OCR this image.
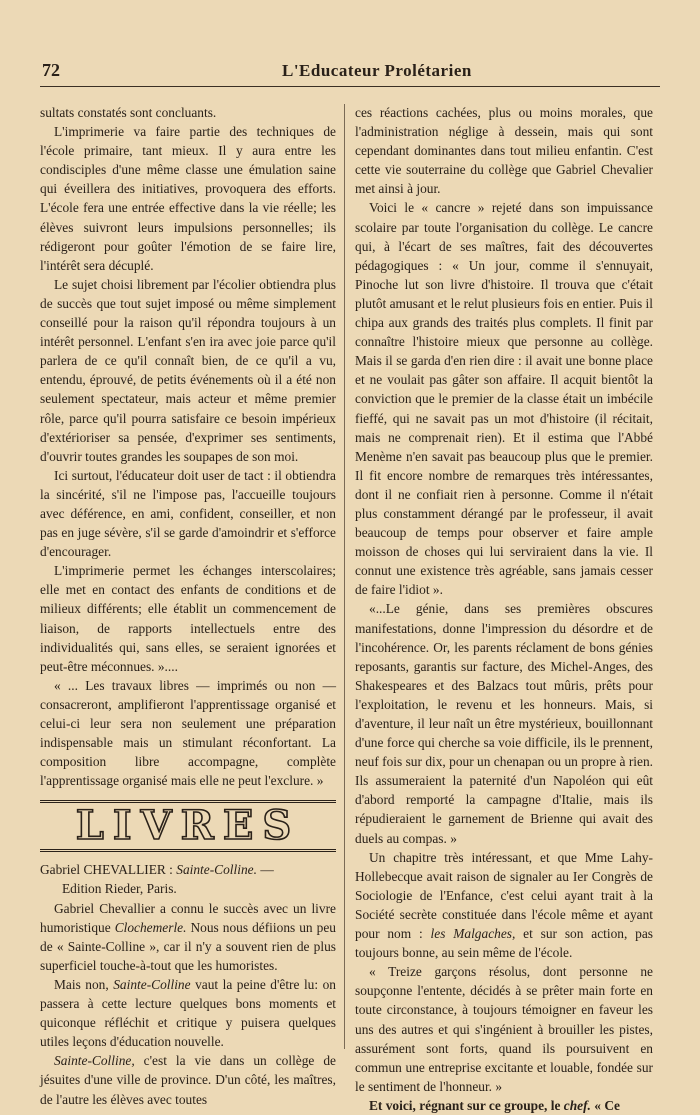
72	L'Educateur Prolétarien

sultats constatés sont concluants.

L'imprimerie va faire partie des techniques de l'école primaire, tant mieux. Il y aura entre les condisciples d'une même classe une émulation saine qui éveillera des initiatives, provoquera des efforts. L'école fera une entrée effective dans la vie réelle; les élèves suivront leurs impulsions personnelles; ils rédigeront pour goûter l'émotion de se faire lire, l'intérêt sera décuplé.

Le sujet choisi librement par l'écolier obtiendra plus de succès que tout sujet imposé ou même simplement conseillé pour la raison qu'il répondra toujours à un intérêt personnel. L'enfant s'en ira avec joie parce qu'il parlera de ce qu'il connaît bien, de ce qu'il a vu, entendu, éprouvé, de petits événements où il a été non seulement spectateur, mais acteur et même premier rôle, parce qu'il pourra satisfaire ce besoin impérieux d'extérioriser sa pensée, d'exprimer ses sentiments, d'ouvrir toutes grandes les soupapes de son moi.

Ici surtout, l'éducateur doit user de tact : il obtiendra la sincérité, s'il ne l'impose pas, l'accueille toujours avec déférence, en ami, confident, conseiller, et non pas en juge sévère, s'il se garde d'amoindrir et s'efforce d'encourager.

L'imprimerie permet les échanges interscolaires; elle met en contact des enfants de conditions et de milieux différents; elle établit un commencement de liaison, de rapports intellectuels entre des individualités qui, sans elles, se seraient ignorées et peut-être méconnues. »....

« ... Les travaux libres — imprimés ou non — consacreront, amplifieront l'apprentissage organisé et celui-ci leur sera non seulement une préparation indispensable mais un stimulant réconfortant. La composition libre accompagne, complète l'apprentissage organisé mais elle ne peut l'exclure. »

LIVRES

Gabriel CHEVALLIER : Sainte-Colline. —

Edition Rieder, Paris.

Gabriel Chevallier a connu le succès avec un livre humoristique Clochemerle. Nous nous défiions un peu de « Sainte-Colline », car il n'y a souvent rien de plus superficiel touche-à-tout que les humoristes.

Mais non, Sainte-Colline vaut la peine d'être lu: on passera à cette lecture quelques bons moments et quiconque réfléchit et critique y puisera quelques utiles leçons d'éducation nouvelle.

Sainte-Colline, c'est la vie dans un collège de jésuites d'une ville de province. D'un côté, les maîtres, de l'autre les élèves avec toutes

ces réactions cachées, plus ou moins morales, que l'administration néglige à dessein, mais qui sont cependant dominantes dans tout milieu enfantin. C'est cette vie souterraine du collège que Gabriel Chevalier met ainsi à jour.

Voici le « cancre » rejeté dans son impuissance scolaire par toute l'organisation du collège. Le cancre qui, à l'écart de ses maîtres, fait des découvertes pédagogiques : « Un jour, comme il s'ennuyait, Pinoche lut son livre d'histoire. Il trouva que c'était plutôt amusant et le relut plusieurs fois en entier. Puis il chipa aux grands des traités plus complets. Il finit par connaître l'histoire mieux que personne au collège. Mais il se garda d'en rien dire : il avait une bonne place et ne voulait pas gâter son affaire. Il acquit bientôt la conviction que le premier de la classe était un imbécile fieffé, qui ne savait pas un mot d'histoire (il récitait, mais ne comprenait rien). Et il estima que l'Abbé Menème n'en savait pas beaucoup plus que le premier. Il fit encore nombre de remarques très intéressantes, dont il ne confiait rien à personne. Comme il n'était plus constamment dérangé par le professeur, il avait beaucoup de temps pour observer et faire ample moisson de choses qui lui serviraient dans la vie. Il connut une existence très agréable, sans jamais cesser de faire l'idiot ».

«...Le génie, dans ses premières obscures manifestations, donne l'impression du désordre et de l'incohérence. Or, les parents réclament de bons génies reposants, garantis sur facture, des Michel-Anges, des Shakespeares et des Balzacs tout mûris, prêts pour l'exploitation, le revenu et les honneurs. Mais, si d'aventure, il leur naît un être mystérieux, bouillonnant d'une force qui cherche sa voie difficile, ils le prennent, neuf fois sur dix, pour un chenapan ou un propre à rien. Ils assumeraient la paternité d'un Napoléon qui eût d'abord remporté la campagne d'Italie, mais ils répudieraient le garnement de Brienne qui avait des duels au compas. »

Un chapitre très intéressant, et que Mme Lahy-Hollebecque avait raison de signaler au Ier Congrès de Sociologie de l'Enfance, c'est celui ayant trait à la Société secrète constituée dans l'école même et ayant pour nom : les Malgaches, et sur son action, pas toujours bonne, au sein même de l'école.

« Treize garçons résolus, dont personne ne soupçonne l'entente, décidés à se prêter main forte en toute circonstance, à toujours témoigner en faveur les uns des autres et qui s'ingénient à brouiller les pistes, assurément sont forts, quand ils poursuivent en commun une entreprise excitante et louable, fondée sur le sentiment de l'honneur. »

Et voici, régnant sur ce groupe, le chef. « Ce
